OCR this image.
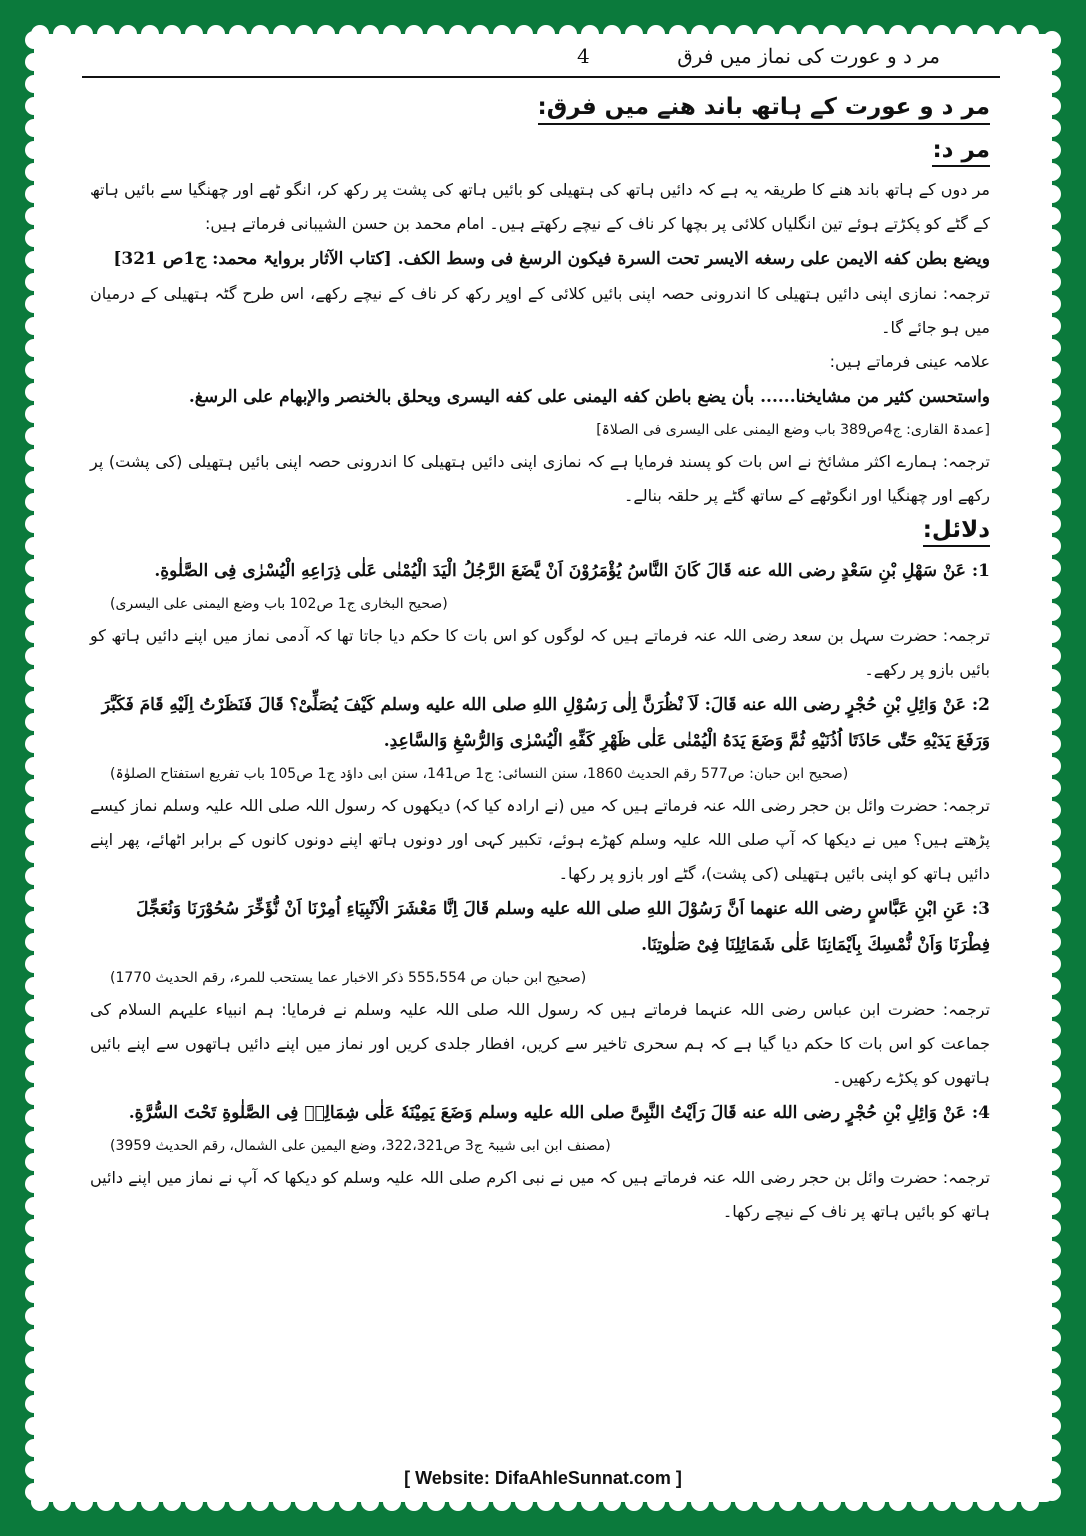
مر د و عورت کی نماز میں فرق
4
مر د و عورت کے ہاتھ باند ھنے میں فرق:
مر د:

مر دوں کے ہاتھ باند ھنے کا طریقہ یہ ہے کہ دائیں ہاتھ کی ہتھیلی کو بائیں ہاتھ کی پشت پر رکھ کر، انگو ٹھے اور چھنگیا سے بائیں ہاتھ کے گٹے کو پکڑتے ہوئے تین انگلیاں کلائی پر بچھا کر ناف کے نیچے رکھتے ہیں۔ امام محمد بن حسن الشیبانی فرماتے ہیں:

ویضع بطن کفه الایمن علی رسغه الایسر تحت السرة فیکون الرسغ فی وسط الکف. [کتاب الآثار بروایۃ محمد: ج1ص 321]

ترجمہ: نمازی اپنی دائیں ہتھیلی کا اندرونی حصہ اپنی بائیں کلائی کے اوپر رکھ کر ناف کے نیچے رکھے، اس طرح گٹہ ہتھیلی کے درمیان میں ہو جائے گا۔

علامہ عینی فرماتے ہیں:

واستحسن کثیر من مشایخنا...... بأن یضع باطن کفه الیمنی علی کفه الیسری ویحلق بالخنصر والإبهام علی الرسغ.

[عمدۃ القاری: ج4ص389 باب وضع الیمنی علی الیسری فی الصلاۃ]

ترجمہ: ہمارے اکثر مشائخ نے اس بات کو پسند فرمایا ہے کہ نمازی اپنی دائیں ہتھیلی کا اندرونی حصہ اپنی بائیں ہتھیلی (کی پشت) پر رکھے اور چھنگیا اور انگوٹھے کے ساتھ گٹے پر حلقہ بنالے۔

دلائل:

1: عَنْ سَهْلِ بْنِ سَعْدٍ رضی الله عنه قَالَ کَانَ النَّاسُ یُؤْمَرُوْنَ اَنْ یَّضَعَ الرَّجُلُ الْیَدَ الْیُمْنٰی عَلٰی ذِرَاعِهِ الْیُسْرٰی فِی الصَّلٰوةِ.

(صحیح البخاری ج1 ص102 باب وضع الیمنی علی الیسری)

ترجمہ: حضرت سہل بن سعد رضی اللہ عنہ فرماتے ہیں کہ لوگوں کو اس بات کا حکم دیا جاتا تھا کہ آدمی نماز میں اپنے دائیں ہاتھ کو بائیں بازو پر رکھے۔

2: عَنْ وَائِلِ بْنِ حُجْرٍ رضی الله عنه قَالَ: لَاَ نْظُرَنَّ اِلٰی رَسُوْلِ اللهِ صلی الله علیه وسلم کَیْفَ یُصَلِّیْ؟ قَالَ فَنَظَرْتُ اِلَیْهِ قَامَ فَکَبَّرَ وَرَفَعَ یَدَیْهِ حَتّٰی حَاذَتَا اُذُنَیْهِ ثُمَّ وَضَعَ یَدَهُ الْیُمْنٰی عَلٰی ظَهْرِ کَفِّهِ الْیُسْرٰی وَالرُّسْغِ وَالسَّاعِدِ.

(صحیح ابن حبان: ص577 رقم الحدیث 1860، سنن النسائی: ج1 ص141، سنن ابی داؤد ج1 ص105 باب تفریع استفتاح الصلوٰۃ)

ترجمہ: حضرت وائل بن حجر رضی اللہ عنہ فرماتے ہیں کہ میں (نے ارادہ کیا کہ) دیکھوں کہ رسول اللہ صلی اللہ علیہ وسلم نماز کیسے پڑھتے ہیں؟ میں نے دیکھا کہ آپ صلی اللہ علیہ وسلم کھڑے ہوئے، تکبیر کہی اور دونوں ہاتھ اپنے دونوں کانوں کے برابر اٹھائے، پھر اپنے دائیں ہاتھ کو اپنی بائیں ہتھیلی (کی پشت)، گٹے اور بازو پر رکھا۔

3: عَنِ ابْنِ عَبَّاسٍ رضی الله عنهما اَنَّ رَسُوْلَ اللهِ صلی الله علیه وسلم قَالَ اِنَّا مَعْشَرَ الْاَنْبِیَاءِ اُمِرْنَا اَنْ نُّؤَخِّرَ سُحُوْرَنَا وَنُعَجِّلَ فِطْرَنَا وَاَنْ نُّمْسِكَ بِاَیْمَانِنَا عَلٰی شَمَائِلِنَا فِیْ صَلٰوتِنَا.

(صحیح ابن حبان ص 555،554 ذکر الاخبار عما یستحب للمرء، رقم الحدیث 1770)

ترجمہ: حضرت ابن عباس رضی اللہ عنہما فرماتے ہیں کہ رسول اللہ صلی اللہ علیہ وسلم نے فرمایا: ہم انبیاء علیہم السلام کی جماعت کو اس بات کا حکم دیا گیا ہے کہ ہم سحری تاخیر سے کریں، افطار جلدی کریں اور نماز میں اپنے دائیں ہاتھوں سے اپنے بائیں ہاتھوں کو پکڑے رکھیں۔

4: عَنْ وَائِلِ بْنِ حُجْرٍ رضی الله عنه قَالَ رَاَیْتُ النَّبِیَّ صلی الله علیه وسلم وَضَعَ یَمِیْنَهٗ عَلٰی شِمَالِهٖ فِی الصَّلٰوةِ تَحْتَ السُّرَّةِ.

(مصنف ابن ابی شیبۃ ج3 ص322،321، وضع الیمین علی الشمال، رقم الحدیث 3959)

ترجمہ: حضرت وائل بن حجر رضی اللہ عنہ فرماتے ہیں کہ میں نے نبی اکرم صلی اللہ علیہ وسلم کو دیکھا کہ آپ نے نماز میں اپنے دائیں ہاتھ کو بائیں ہاتھ پر ناف کے نیچے رکھا۔

[ Website: DifaAhleSunnat.com ]
